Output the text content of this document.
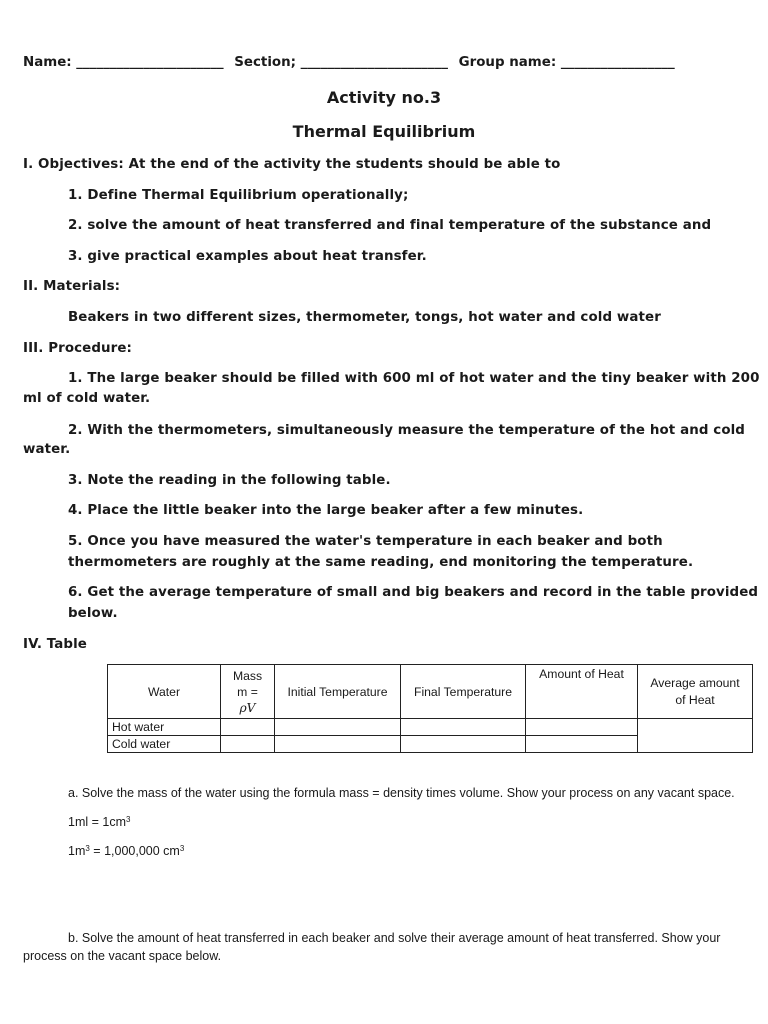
Name: ______________________ Section; ______________________ Group name: _________________
Activity no.3
Thermal Equilibrium
I. Objectives: At the end of the activity the students should be able to
1. Define Thermal Equilibrium operationally;
2. solve the amount of heat transferred and final temperature of the substance and
3. give practical examples about heat transfer.
II. Materials:
Beakers in two different sizes, thermometer, tongs, hot water and cold water
III. Procedure:
1. The large beaker should be filled with 600 ml of hot water and the tiny beaker with 200
ml of cold water.
2. With the thermometers, simultaneously measure the temperature of the hot and cold
water.
3. Note the reading in the following table.
4. Place the little beaker into the large beaker after a few minutes.
5. Once you have measured the water's temperature in each beaker and both
thermometers are roughly at the same reading, end monitoring the temperature.
6. Get the average temperature of small and big beakers and record in the table provided
below.
IV. Table
Water	Mass
m =
ρV	Initial Temperature	Final Temperature	Amount of Heat	Average amount of Heat
Hot water					
Cold water					
a. Solve the mass of the water using the formula mass = density times volume. Show your process on any vacant space.
$1ml = 1cm^3$
$1m^3 = 1,000,000$ $cm^3$
b. Solve the amount of heat transferred in each beaker and solve their average amount of heat transferred. Show your
process on the vacant space below.
